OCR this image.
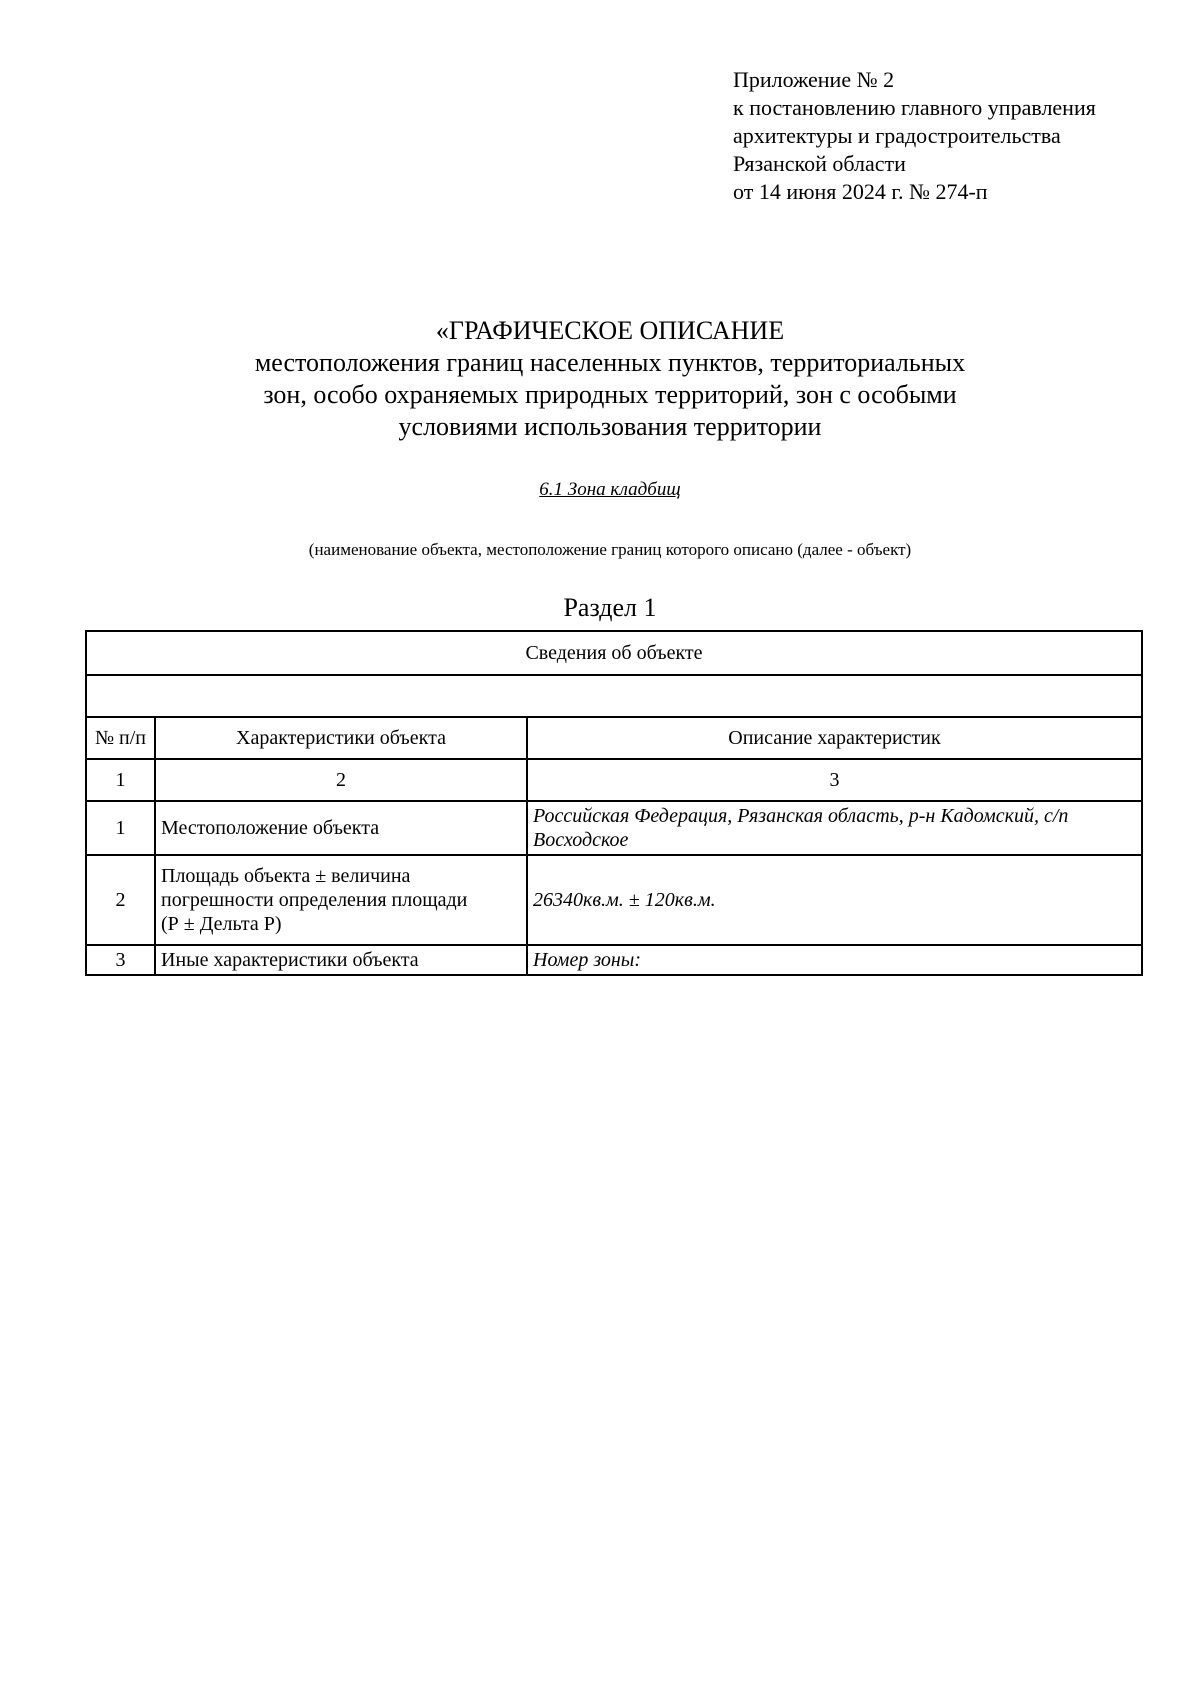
Приложение № 2
к постановлению главного управления
архитектуры и градостроительства
Рязанской области
от 14 июня 2024 г. № 274-п
«ГРАФИЧЕСКОЕ ОПИСАНИЕ
местоположения границ населенных пунктов, территориальных
зон, особо охраняемых природных территорий, зон с особыми
условиями использования территории
6.1 Зона кладбищ
(наименование объекта, местоположение границ которого описано (далее - объект)
Раздел 1
Сведения об объекте		

№ п/п	Характеристики объекта	Описание характеристик
1	2	3
1	Местоположение объекта	Российская Федерация, Рязанская область, р-н Кадомский, с/п Восходское
2	Площадь объекта ± величина
погрешности определения площади
(Р ± Дельта Р)	26340кв.м. ± 120кв.м.
3	Иные характеристики объекта	Номер зоны:
